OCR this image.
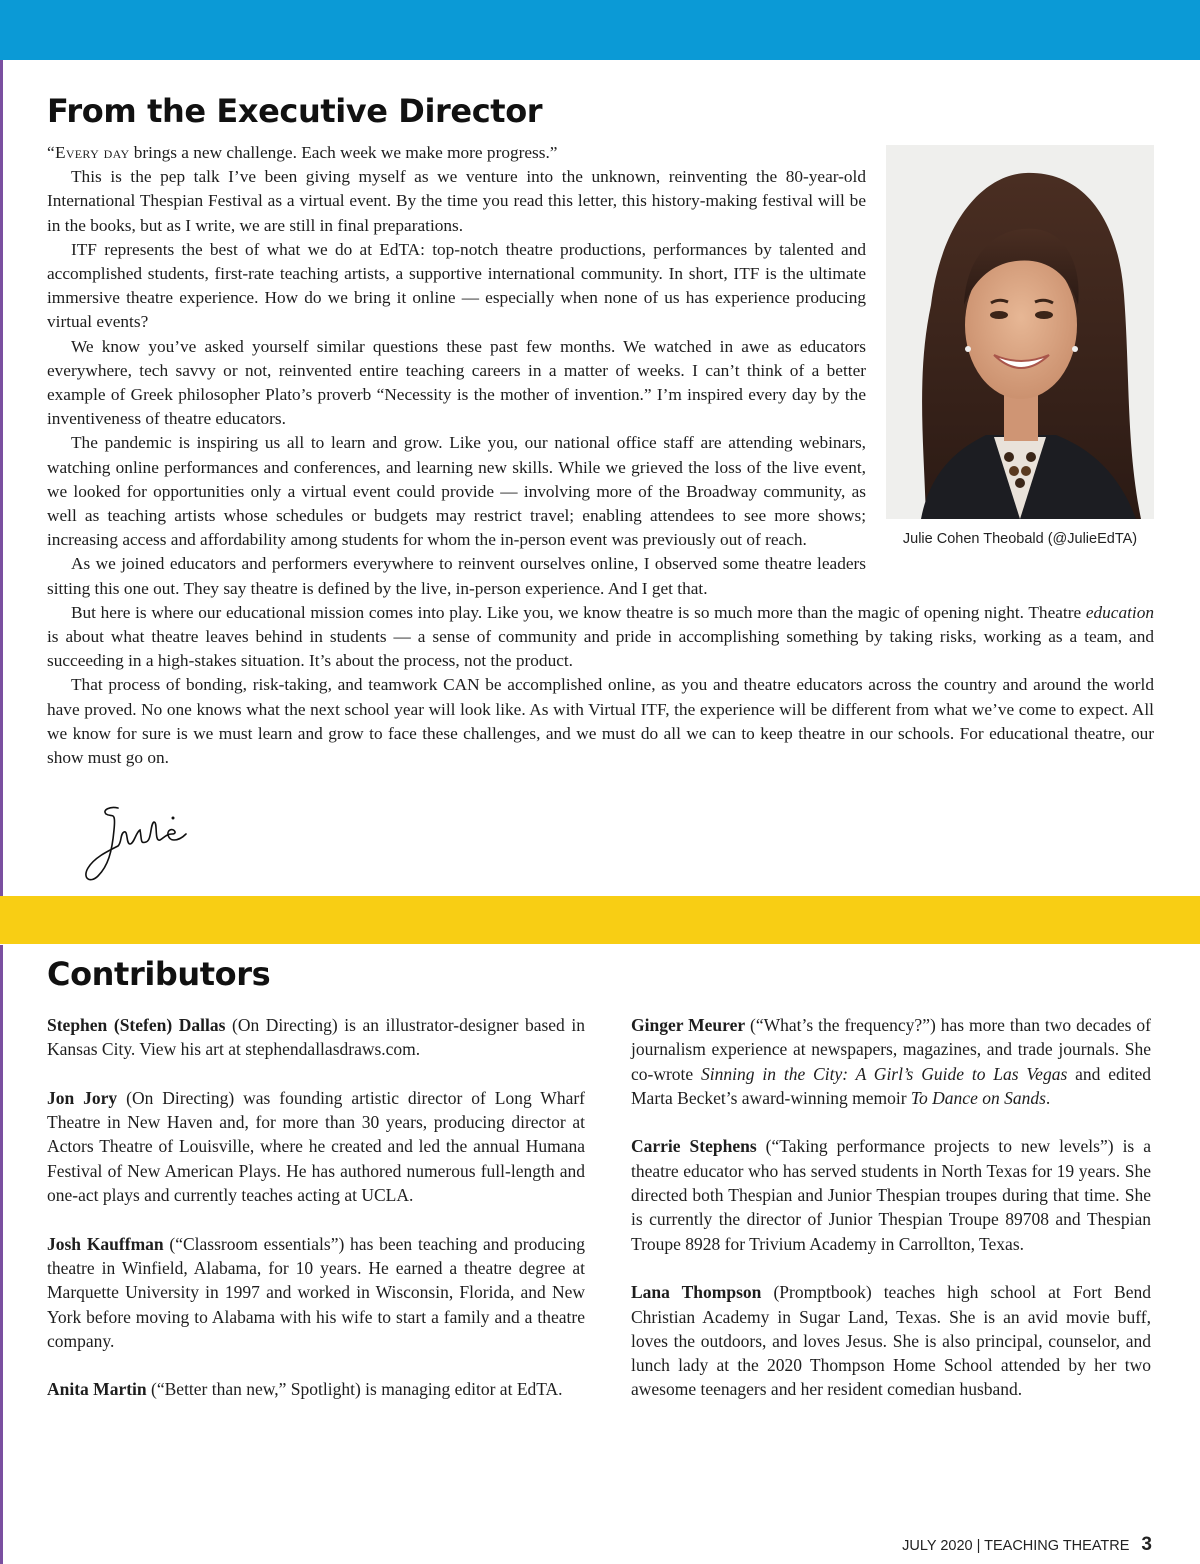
From the Executive Director
Julie Cohen Theobald (@JulieEdTA)

“Every day brings a new challenge. Each week we make more progress.”

This is the pep talk I’ve been giving myself as we venture into the unknown, reinventing the 80-year-old International Thespian Festival as a virtual event. By the time you read this letter, this history-making festival will be in the books, but as I write, we are still in final preparations.

ITF represents the best of what we do at EdTA: top-notch theatre productions, performances by talented and accomplished students, first-rate teaching artists, a supportive international community. In short, ITF is the ultimate immersive theatre experience. How do we bring it online — especially when none of us has experience producing virtual events?

We know you’ve asked yourself similar questions these past few months. We watched in awe as educators everywhere, tech savvy or not, reinvented entire teaching careers in a matter of weeks. I can’t think of a better example of Greek philosopher Plato’s proverb “Necessity is the mother of invention.” I’m inspired every day by the inventiveness of theatre educators.

The pandemic is inspiring us all to learn and grow. Like you, our national office staff are attending webinars, watching online performances and conferences, and learning new skills. While we grieved the loss of the live event, we looked for opportunities only a virtual event could provide — involving more of the Broadway community, as well as teaching artists whose schedules or budgets may restrict travel; enabling attendees to see more shows; increasing access and affordability among students for whom the in-person event was previously out of reach.

As we joined educators and performers everywhere to reinvent ourselves online, I observed some theatre leaders sitting this one out. They say theatre is defined by the live, in-person experience. And I get that.

But here is where our educational mission comes into play. Like you, we know theatre is so much more than the magic of opening night. Theatre education is about what theatre leaves behind in students — a sense of community and pride in accomplishing something by taking risks, working as a team, and succeeding in a high-stakes situation. It’s about the process, not the product.

That process of bonding, risk-taking, and teamwork CAN be accomplished online, as you and theatre educators across the country and around the world have proved. No one knows what the next school year will look like. As with Virtual ITF, the experience will be different from what we’ve come to expect. All we know for sure is we must learn and grow to face these challenges, and we must do all we can to keep theatre in our schools. For educational theatre, our show must go on.

Contributors

Stephen (Stefen) Dallas (On Directing) is an illustrator-designer based in Kansas City. View his art at stephendallasdraws.com.

Jon Jory (On Directing) was founding artistic director of Long Wharf Theatre in New Haven and, for more than 30 years, producing director at Actors Theatre of Louisville, where he created and led the annual Humana Festival of New American Plays. He has authored numerous full-length and one-act plays and currently teaches acting at UCLA.

Josh Kauffman (“Classroom essentials”) has been teaching and producing theatre in Winfield, Alabama, for 10 years. He earned a theatre degree at Marquette University in 1997 and worked in Wisconsin, Florida, and New York before moving to Alabama with his wife to start a family and a theatre company.

Anita Martin (“Better than new,” Spotlight) is managing editor at EdTA.

Ginger Meurer (“What’s the frequency?”) has more than two decades of journalism experience at newspapers, magazines, and trade journals. She co-wrote Sinning in the City: A Girl’s Guide to Las Vegas and edited Marta Becket’s award-winning memoir To Dance on Sands.

Carrie Stephens (“Taking performance projects to new levels”) is a theatre educator who has served students in North Texas for 19 years. She directed both Thespian and Junior Thespian troupes during that time. She is currently the director of Junior Thespian Troupe 89708 and Thespian Troupe 8928 for Trivium Academy in Carrollton, Texas.

Lana Thompson (Promptbook) teaches high school at Fort Bend Christian Academy in Sugar Land, Texas. She is an avid movie buff, loves the outdoors, and loves Jesus. She is also principal, counselor, and lunch lady at the 2020 Thompson Home School attended by her two awesome teenagers and her resident comedian husband.

JULY 2020 | TEACHING THEATRE 3
